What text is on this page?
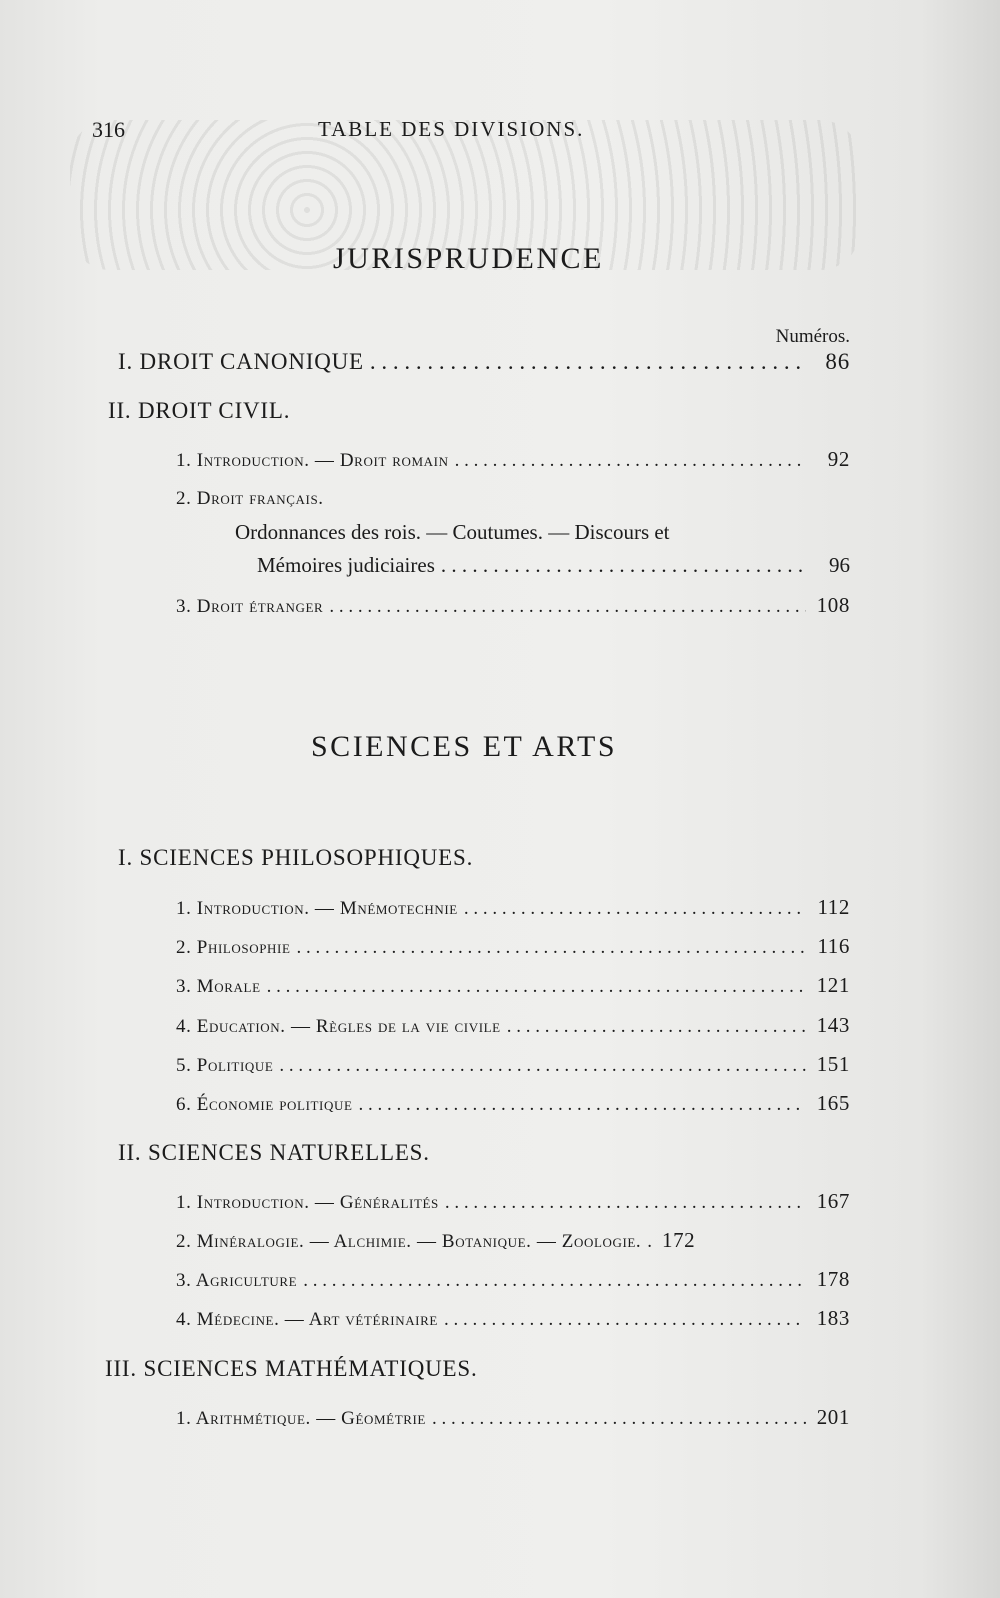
316	TABLE DES DIVISIONS.
JURISPRUDENCE
Numéros.
I. DROIT CANONIQUE . . .	86
II. DROIT CIVIL.
1. Introduction. — Droit romain . . .	92
2. Droit français.
Ordonnances des rois. — Coutumes. — Discours et
Mémoires judiciaires . . .	96
3. Droit étranger . . .	108
SCIENCES ET ARTS
I. SCIENCES PHILOSOPHIQUES.
1. Introduction. — Mnémotechnie . . .	112
2. Philosophie . . .	116
3. Morale . . .	121
4. Education. — Règles de la vie civile . . .	143
5. Politique . . .	151
6. Économie politique . . .	165
II. SCIENCES NATURELLES.
1. Introduction. — Généralités . . .	167
2. Minéralogie. — Alchimie. — Botanique. — Zoologie. . . . 172
3. Agriculture . . .	178
4. Médecine. — Art vétérinaire . . .	183
III. SCIENCES MATHÉMATIQUES.
1. Arithmétique. — Géométrie . . .	201
